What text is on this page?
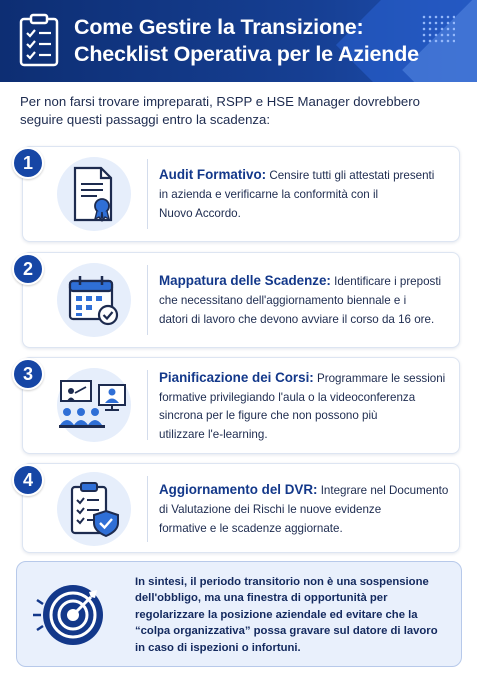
Come Gestire la Transizione:
Checklist Operativa per le Aziende
Per non farsi trovare impreparati, RSPP e HSE Manager dovrebbero
seguire questi passaggi entro la scadenza:
1
Audit Formativo: Censire tutti gli attestati presenti
in azienda e verificarne la conformità con il
Nuovo Accordo.
2
Mappatura delle Scadenze: Identificare i preposti
che necessitano dell'aggiornamento biennale e i
datori di lavoro che devono avviare il corso da 16 ore.
3	Pianificazione dei Corsi: Programmare le sessioni
formative privilegiando l'aula o la videoconferenza
sincrona per le figure che non possono più
utilizzare l'e-learning.
4	Aggiornamento del DVR: Integrare nel Documento
di Valutazione dei Rischi le nuove evidenze
formative e le scadenze aggiornate.
In sintesi, il periodo transitorio non è una sospensione
dell'obbligo, ma una finestra di opportunità per
regolarizzare la posizione aziendale ed evitare che la
“colpa organizzativa” possa gravare sul datore di lavoro
in caso di ispezioni o infortuni.
